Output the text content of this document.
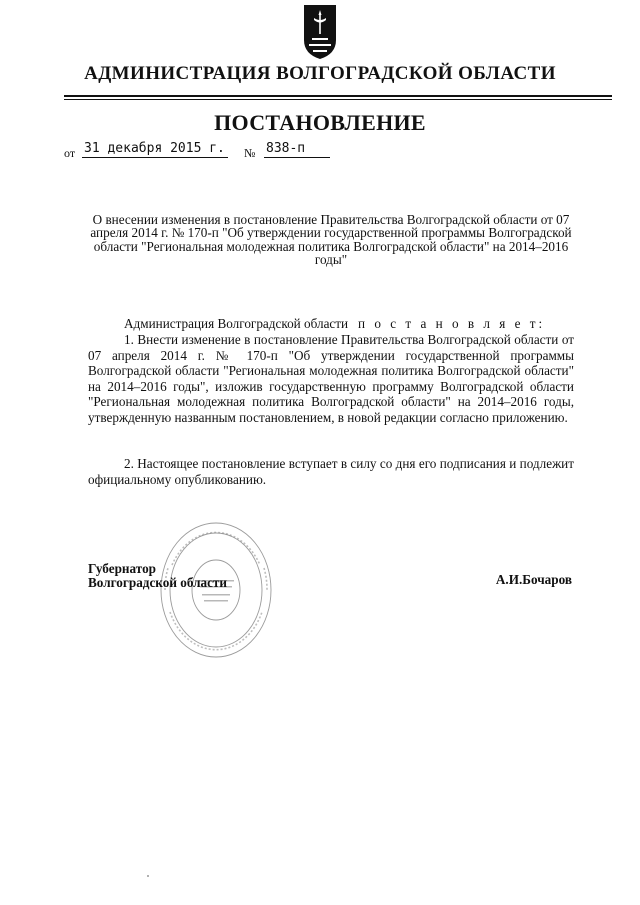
АДМИНИСТРАЦИЯ ВОЛГОГРАДСКОЙ ОБЛАСТИ
ПОСТАНОВЛЕНИЕ
от 31 декабря 2015 г. № 838-п
О внесении изменения в постановление Правительства Волгоградской области от 07 апреля 2014 г. № 170-п "Об утверждении государственной программы Волгоградской области "Региональная молодежная политика Волгоградской области" на 2014–2016 годы"
Администрация Волгоградской области п о с т а н о в л я е т:
1. Внести изменение в постановление Правительства Волгоградской области от 07 апреля 2014 г. № 170-п "Об утверждении государственной программы Волгоградской области "Региональная молодежная политика Волгоградской области" на 2014–2016 годы", изложив государственную программу Волгоградской области "Региональная молодежная политика Волгоградской области" на 2014–2016 годы, утвержденную названным постановлением, в новой редакции согласно приложению.
2. Настоящее постановление вступает в силу со дня его подписания и подлежит официальному опубликованию.
Губернатор
Волгоградской области	А.И.Бочаров
